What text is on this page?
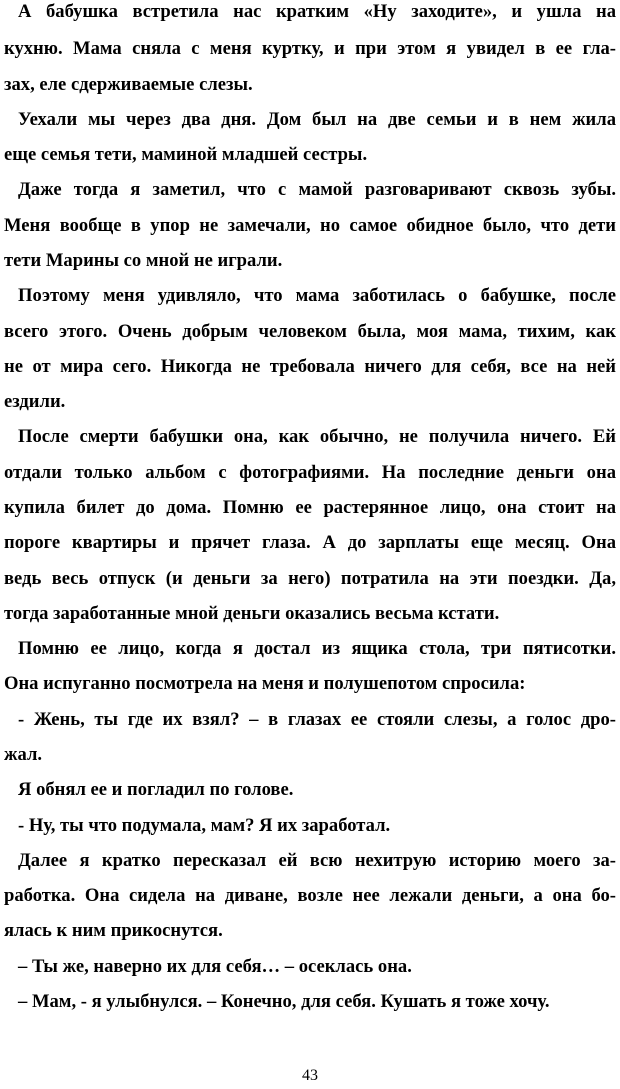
А бабушка встретила нас кратким «Ну заходите», и ушла на
кухню. Мама сняла с меня куртку, и при этом я увидел в ее гла-
зах, еле сдерживаемые слезы.
Уехали мы через два дня. Дом был на две семьи и в нем жила
еще семья тети, маминой младшей сестры.
Даже тогда я заметил, что с мамой разговаривают сквозь зубы.
Меня вообще в упор не замечали, но самое обидное было, что дети
тети Марины со мной не играли.
Поэтому меня удивляло, что мама заботилась о бабушке, после
всего этого. Очень добрым человеком была, моя мама, тихим, как
не от мира сего. Никогда не требовала ничего для себя, все на ней
ездили.
После смерти бабушки она, как обычно, не получила ничего. Ей
отдали только альбом с фотографиями. На последние деньги она
купила билет до дома. Помню ее растерянное лицо, она стоит на
пороге квартиры и прячет глаза. А до зарплаты еще месяц. Она
ведь весь отпуск (и деньги за него) потратила на эти поездки. Да,
тогда заработанные мной деньги оказались весьма кстати.
Помню ее лицо, когда я достал из ящика стола, три пятисотки.
Она испуганно посмотрела на меня и полушепотом спросила:
- Жень, ты где их взял? – в глазах ее стояли слезы, а голос дро-
жал.
Я обнял ее и погладил по голове.
- Ну, ты что подумала, мам? Я их заработал.
Далее я кратко пересказал ей всю нехитрую историю моего за-
работка. Она сидела на диване, возле нее лежали деньги, а она бо-
ялась к ним прикоснутся.
– Ты же, наверно их для себя… – осеклась она.
– Мам, - я улыбнулся. – Конечно, для себя. Кушать я тоже хочу.
43
